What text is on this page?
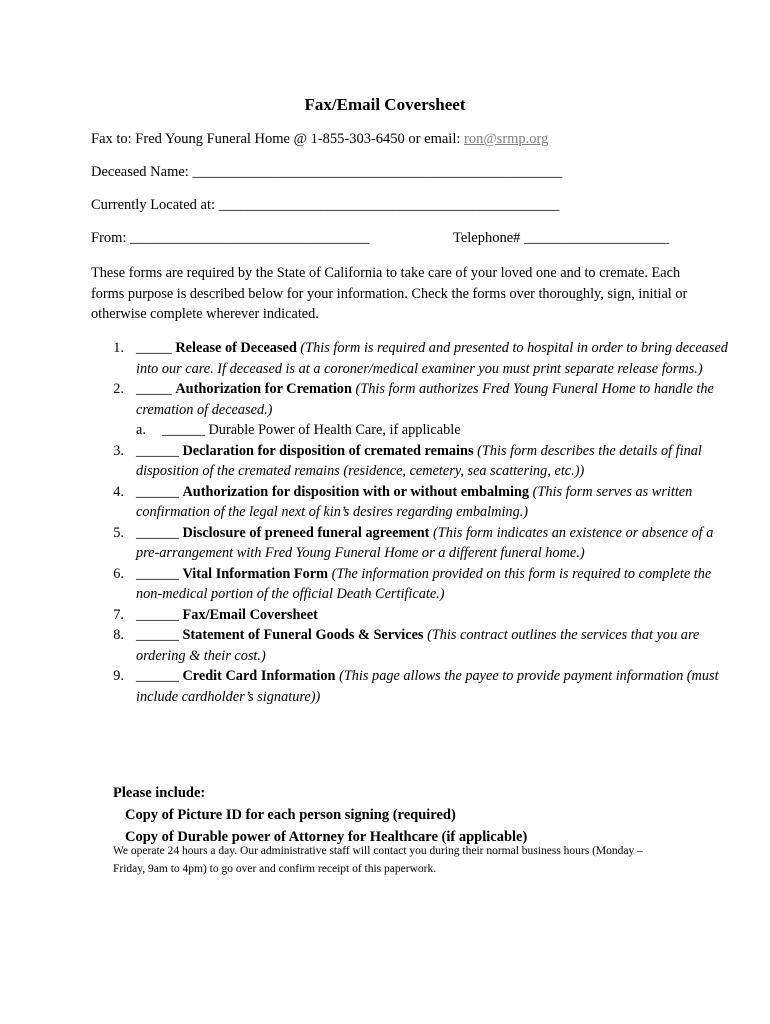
Fax/Email Coversheet
Fax to: Fred Young Funeral Home @ 1-855-303-6450 or email: ron@srmp.org
Deceased Name: ___________________________________________________
Currently Located at: _______________________________________________
From: _________________________________	Telephone# ____________________
These forms are required by the State of California to take care of your loved one and to cremate. Each forms purpose is described below for your information. Check the forms over thoroughly, sign, initial or otherwise complete wherever indicated.
1. _____ Release of Deceased (This form is required and presented to hospital in order to bring deceased into our care. If deceased is at a coroner/medical examiner you must print separate release forms.)
2. _____ Authorization for Cremation (This form authorizes Fred Young Funeral Home to handle the cremation of deceased.)
a. ______ Durable Power of Health Care, if applicable
3. ______ Declaration for disposition of cremated remains (This form describes the details of final disposition of the cremated remains (residence, cemetery, sea scattering, etc.))
4. ______ Authorization for disposition with or without embalming (This form serves as written confirmation of the legal next of kin’s desires regarding embalming.)
5. ______ Disclosure of preneed funeral agreement (This form indicates an existence or absence of a pre-arrangement with Fred Young Funeral Home or a different funeral home.)
6. ______ Vital Information Form (The information provided on this form is required to complete the non-medical portion of the official Death Certificate.)
7. ______ Fax/Email Coversheet
8. ______ Statement of Funeral Goods & Services (This contract outlines the services that you are ordering & their cost.)
9. ______ Credit Card Information (This page allows the payee to provide payment information (must include cardholder’s signature))
Please include:
Copy of Picture ID for each person signing (required)
Copy of Durable power of Attorney for Healthcare (if applicable)
We operate 24 hours a day. Our administrative staff will contact you during their normal business hours (Monday – Friday, 9am to 4pm) to go over and confirm receipt of this paperwork.
